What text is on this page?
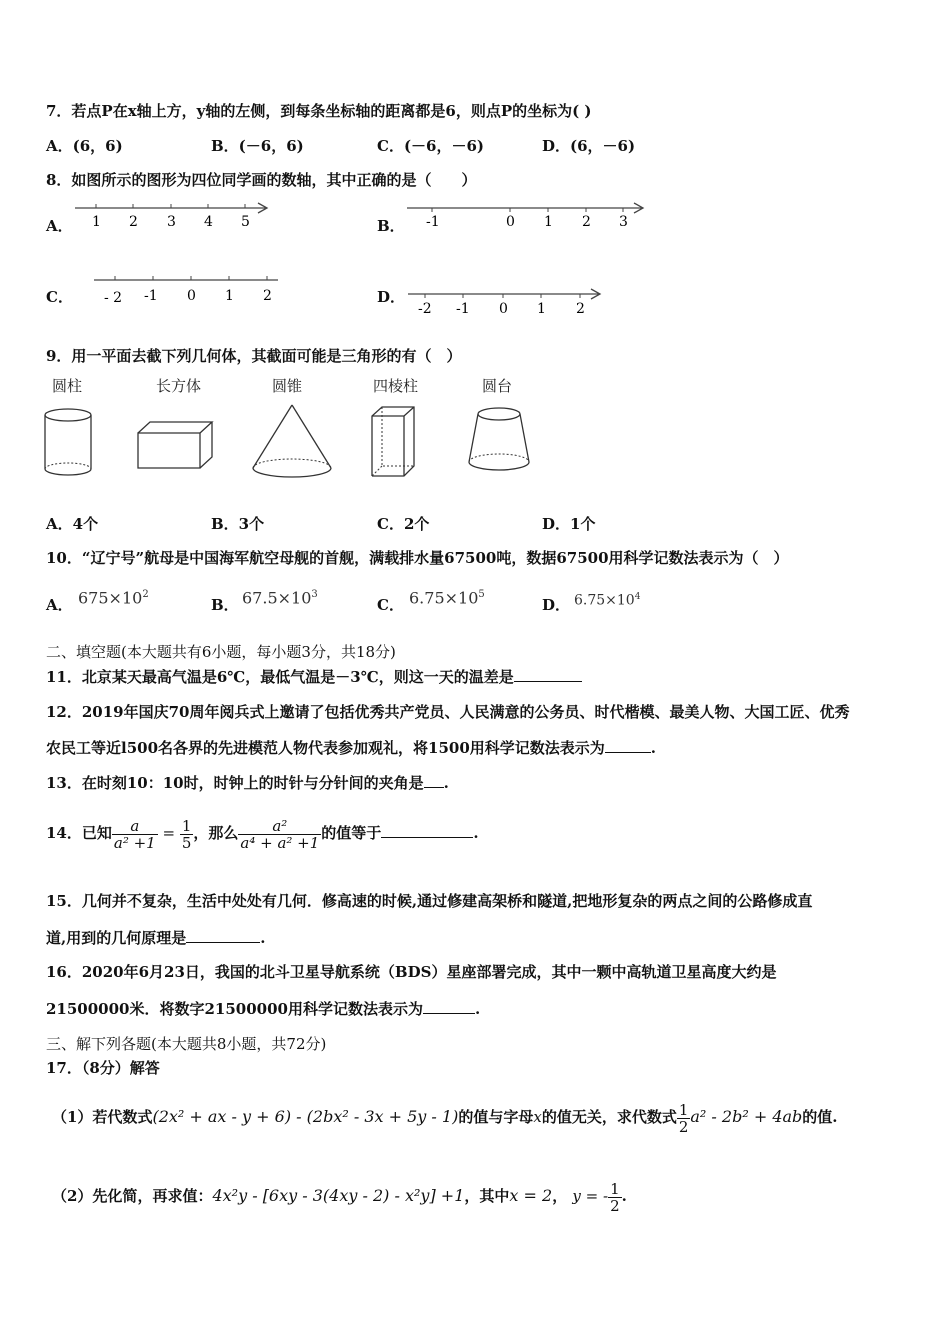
7．若点P在x轴上方，y轴的左侧，到每条坐标轴的距离都是6，则点P的坐标为( )
A．(6，6)	B．(－6，6)	C．(－6，－6)	D．(6，－6)
8．如图所示的图形为四位同学画的数轴，其中正确的是（　　）
A． 1 2 3 4 5	B． -1	0 1 2 3
C． - 2 -1 0 1 2	D．
-2 -1 0 1 2
9．用一平面去截下列几何体，其截面可能是三角形的有（　）
圆柱	长方体	圆锥	四棱柱	圆台
A．4个	B．3个	C．2个	D．1个
10．“辽宁号”航母是中国海军航空母舰的首舰，满载排水量67500吨，数据67500用科学记数法表示为（　）
A． $675\times 10^2$
B． $67.5\times 10^3$
C． $6.75\times 10^5$
D． $6.75\times 10^4$
二、填空题(本大题共有6小题，每小题3分，共18分)
11．北京某天最高气温是6℃，最低气温是－3℃，则这一天的温差是
12．2019年国庆70周年阅兵式上邀请了包括优秀共产党员、人民满意的公务员、时代楷模、最美人物、大国工匠、优秀
农民工等近l500名各界的先进模范人物代表参加观礼，将1500用科学记数法表示为	.
13．在时刻10：10时，时钟上的时针与分针间的夹角是 .
14．已知 $\frac{a}{\text{a² +1}} = \frac{1}{5}$ ，那么 $\frac{\text{a²}}{\text{a⁴ + a² +1}}$ 的值等于	.
15．几何并不复杂，生活中处处有几何．修高速的时候,通过修建高架桥和隧道,把地形复杂的两点之间的公路修成直
道,用到的几何原理是	.
16．2020年6月23日，我国的北斗卫星导航系统（BDS）星座部署完成，其中一颗中高轨道卫星高度大约是
21500000米．将数字21500000用科学记数法表示为	.
三、解下列各题(本大题共8小题，共72分)
17．（8分）解答
（1）若代数式(2x² + ax - y + 6) - (2bx² - 3x + 5y - 1)的值与字母x的值无关，求代数式 $\frac{1}{2} a^2 - 2b^2 + 4ab$的值.
（2）先化简，再求值：4x²y - [6xy - 3(4xy - 2) - x²y] +1，其中x = 2， y = - $\frac{1}{2}$ .
